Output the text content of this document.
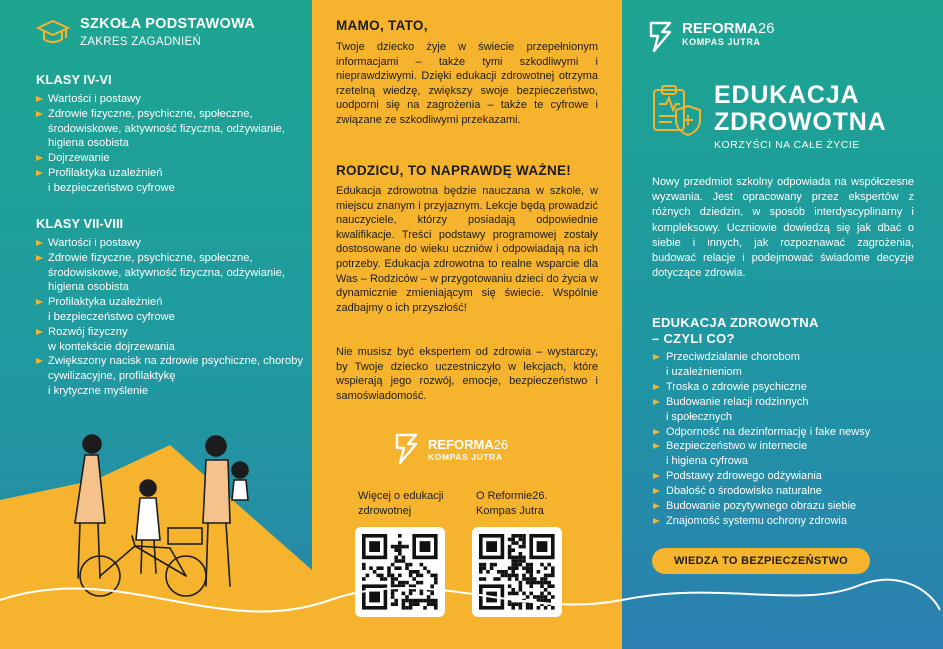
SZKOŁA PODSTAWOWA
ZAKRES ZAGADNIEŃ
KLASY IV-VI
Wartości i postawy
Zdrowie fizyczne, psychiczne, społeczne, środowiskowe, aktywność fizyczna, odżywianie, higiena osobista
Dojrzewanie
Profilaktyka uzależnień
i bezpieczeństwo cyfrowe
KLASY VII-VIII
Wartości i postawy
Zdrowie fizyczne, psychiczne, społeczne, środowiskowe, aktywność fizyczna, odżywianie, higiena osobista
Profilaktyka uzależnień
i bezpieczeństwo cyfrowe
Rozwój fizyczny
w kontekście dojrzewania
Zwiększony nacisk na zdrowie psychiczne, choroby cywilizacyjne, profilaktykę
i krytyczne myślenie
MAMO, TATO,

Twoje dziecko żyje w świecie przepełnionym informacjami – także tymi szkodliwymi i nieprawdziwymi. Dzięki edukacji zdrowotnej otrzyma rzetelną wiedzę, zwiększy swoje bezpieczeństwo, uodporni się na zagrożenia – także te cyfrowe i związane ze szkodliwymi przekazami.

RODZICU, TO NAPRAWDĘ WAŻNE!

Edukacja zdrowotna będzie nauczana w szkole, w miejscu znanym i przyjaznym. Lekcje będą prowadzić nauczyciele, którzy posiadają odpowiednie kwalifikacje. Treści podstawy programowej zostały dostosowane do wieku uczniów i odpowiadają na ich potrzeby. Edukacja zdrowotna to realne wsparcie dla Was – Rodziców – w przygotowaniu dzieci do życia w dynamicznie zmieniającym się świecie. Wspólnie zadbajmy o ich przyszłość!

Nie musisz być ekspertem od zdrowia – wystarczy, by Twoje dziecko uczestniczyło w lekcjach, które wspierają jego rozwój, emocje, bezpieczeństwo i samoświadomość.

REFORMA26
KOMPAS JUTRA
Więcej o edukacji
zdrowotnej
O Reformie26.
Kompas Jutra
REFORMA26
KOMPAS JUTRA
EDUKACJA
ZDROWOTNA
KORZYŚCI NA CAŁE ŻYCIE

Nowy przedmiot szkolny odpowiada na współczesne wyzwania. Jest opracowany przez ekspertów z różnych dziedzin, w sposób interdyscyplinarny i kompleksowy. Uczniowie dowiedzą się jak dbać o siebie i innych, jak rozpoznawać zagrożenia, budować relacje i podejmować świadome decyzje dotyczące zdrowia.

EDUKACJA ZDROWOTNA
– CZYLI CO?
Przeciwdziałanie chorobom
i uzależnieniom
Troska o zdrowie psychiczne
Budowanie relacji rodzinnych
i społecznych
Odporność na dezinformację i fake newsy
Bezpieczeństwo w internecie
i higiena cyfrowa
Podstawy zdrowego odżywiania
Dbałość o środowisko naturalne
Budowanie pozytywnego obrazu siebie
Znajomość systemu ochrony zdrowia
WIEDZA TO BEZPIECZEŃSTWO
